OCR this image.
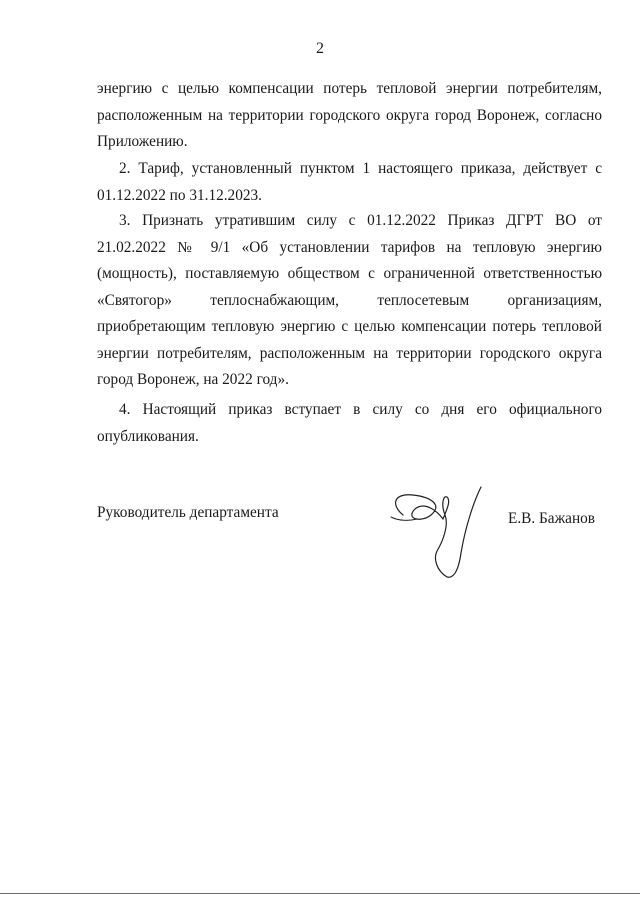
2

энергию с целью компенсации потерь тепловой энергии потребителям, расположенным на территории городского округа город Воронеж, согласно Приложению.

2. Тариф, установленный пунктом 1 настоящего приказа, действует с 01.12.2022 по 31.12.2023.

3. Признать утратившим силу с 01.12.2022 Приказ ДГРТ ВО от 21.02.2022 № 9/1 «Об установлении тарифов на тепловую энергию (мощность), поставляемую обществом с ограниченной ответственностью «Святогор» теплоснабжающим, теплосетевым организациям, приобретающим тепловую энергию с целью компенсации потерь тепловой энергии потребителям, расположенным на территории городского округа город Воронеж, на 2022 год».

4. Настоящий приказ вступает в силу со дня его официального опубликования.

Руководитель департамента	Е.В. Бажанов
